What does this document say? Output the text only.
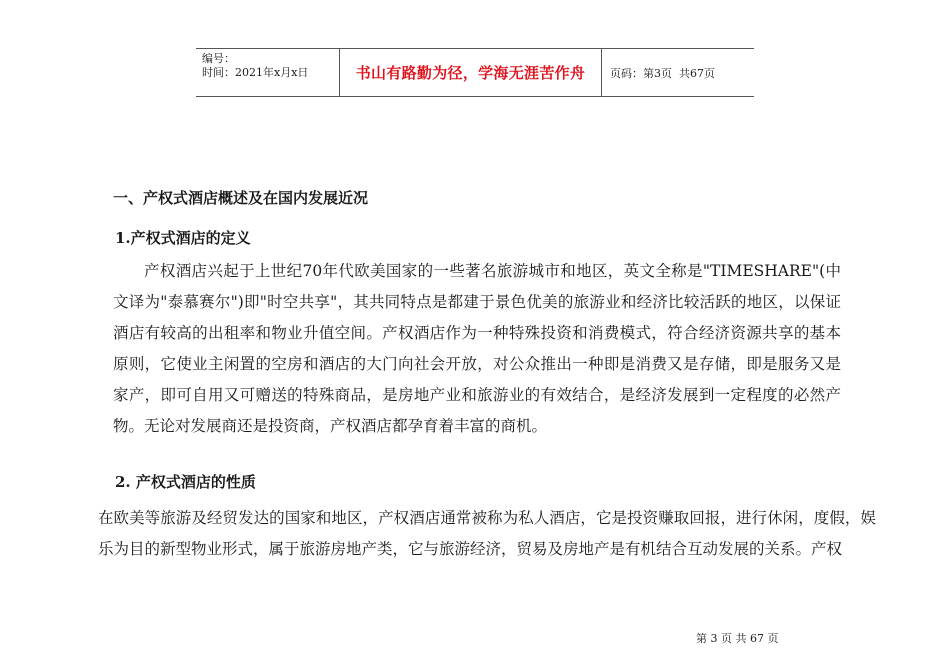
编号：
时间：2021年x月x日	书山有路勤为径，学海无涯苦作舟 页码：第3页  共67页
一、产权式酒店概述及在国内发展近况
1.产权式酒店的定义

产权酒店兴起于上世纪70年代欧美国家的一些著名旅游城市和地区，英文全称是"TIMESHARE"(中文译为"泰慕赛尔")即"时空共享"，其共同特点是都建于景色优美的旅游业和经济比较活跃的地区，以保证酒店有较高的出租率和物业升值空间。产权酒店作为一种特殊投资和消费模式，符合经济资源共享的基本原则，它使业主闲置的空房和酒店的大门向社会开放，对公众推出一种即是消费又是存储，即是服务又是家产，即可自用又可赠送的特殊商品，是房地产业和旅游业的有效结合，是经济发展到一定程度的必然产物。无论对发展商还是投资商，产权酒店都孕育着丰富的商机。

2. 产权式酒店的性质

在欧美等旅游及经贸发达的国家和地区，产权酒店通常被称为私人酒店，它是投资赚取回报，进行休闲，度假，娱乐为目的新型物业形式，属于旅游房地产类，它与旅游经济，贸易及房地产是有机结合互动发展的关系。产权

第 3 页 共 67 页
